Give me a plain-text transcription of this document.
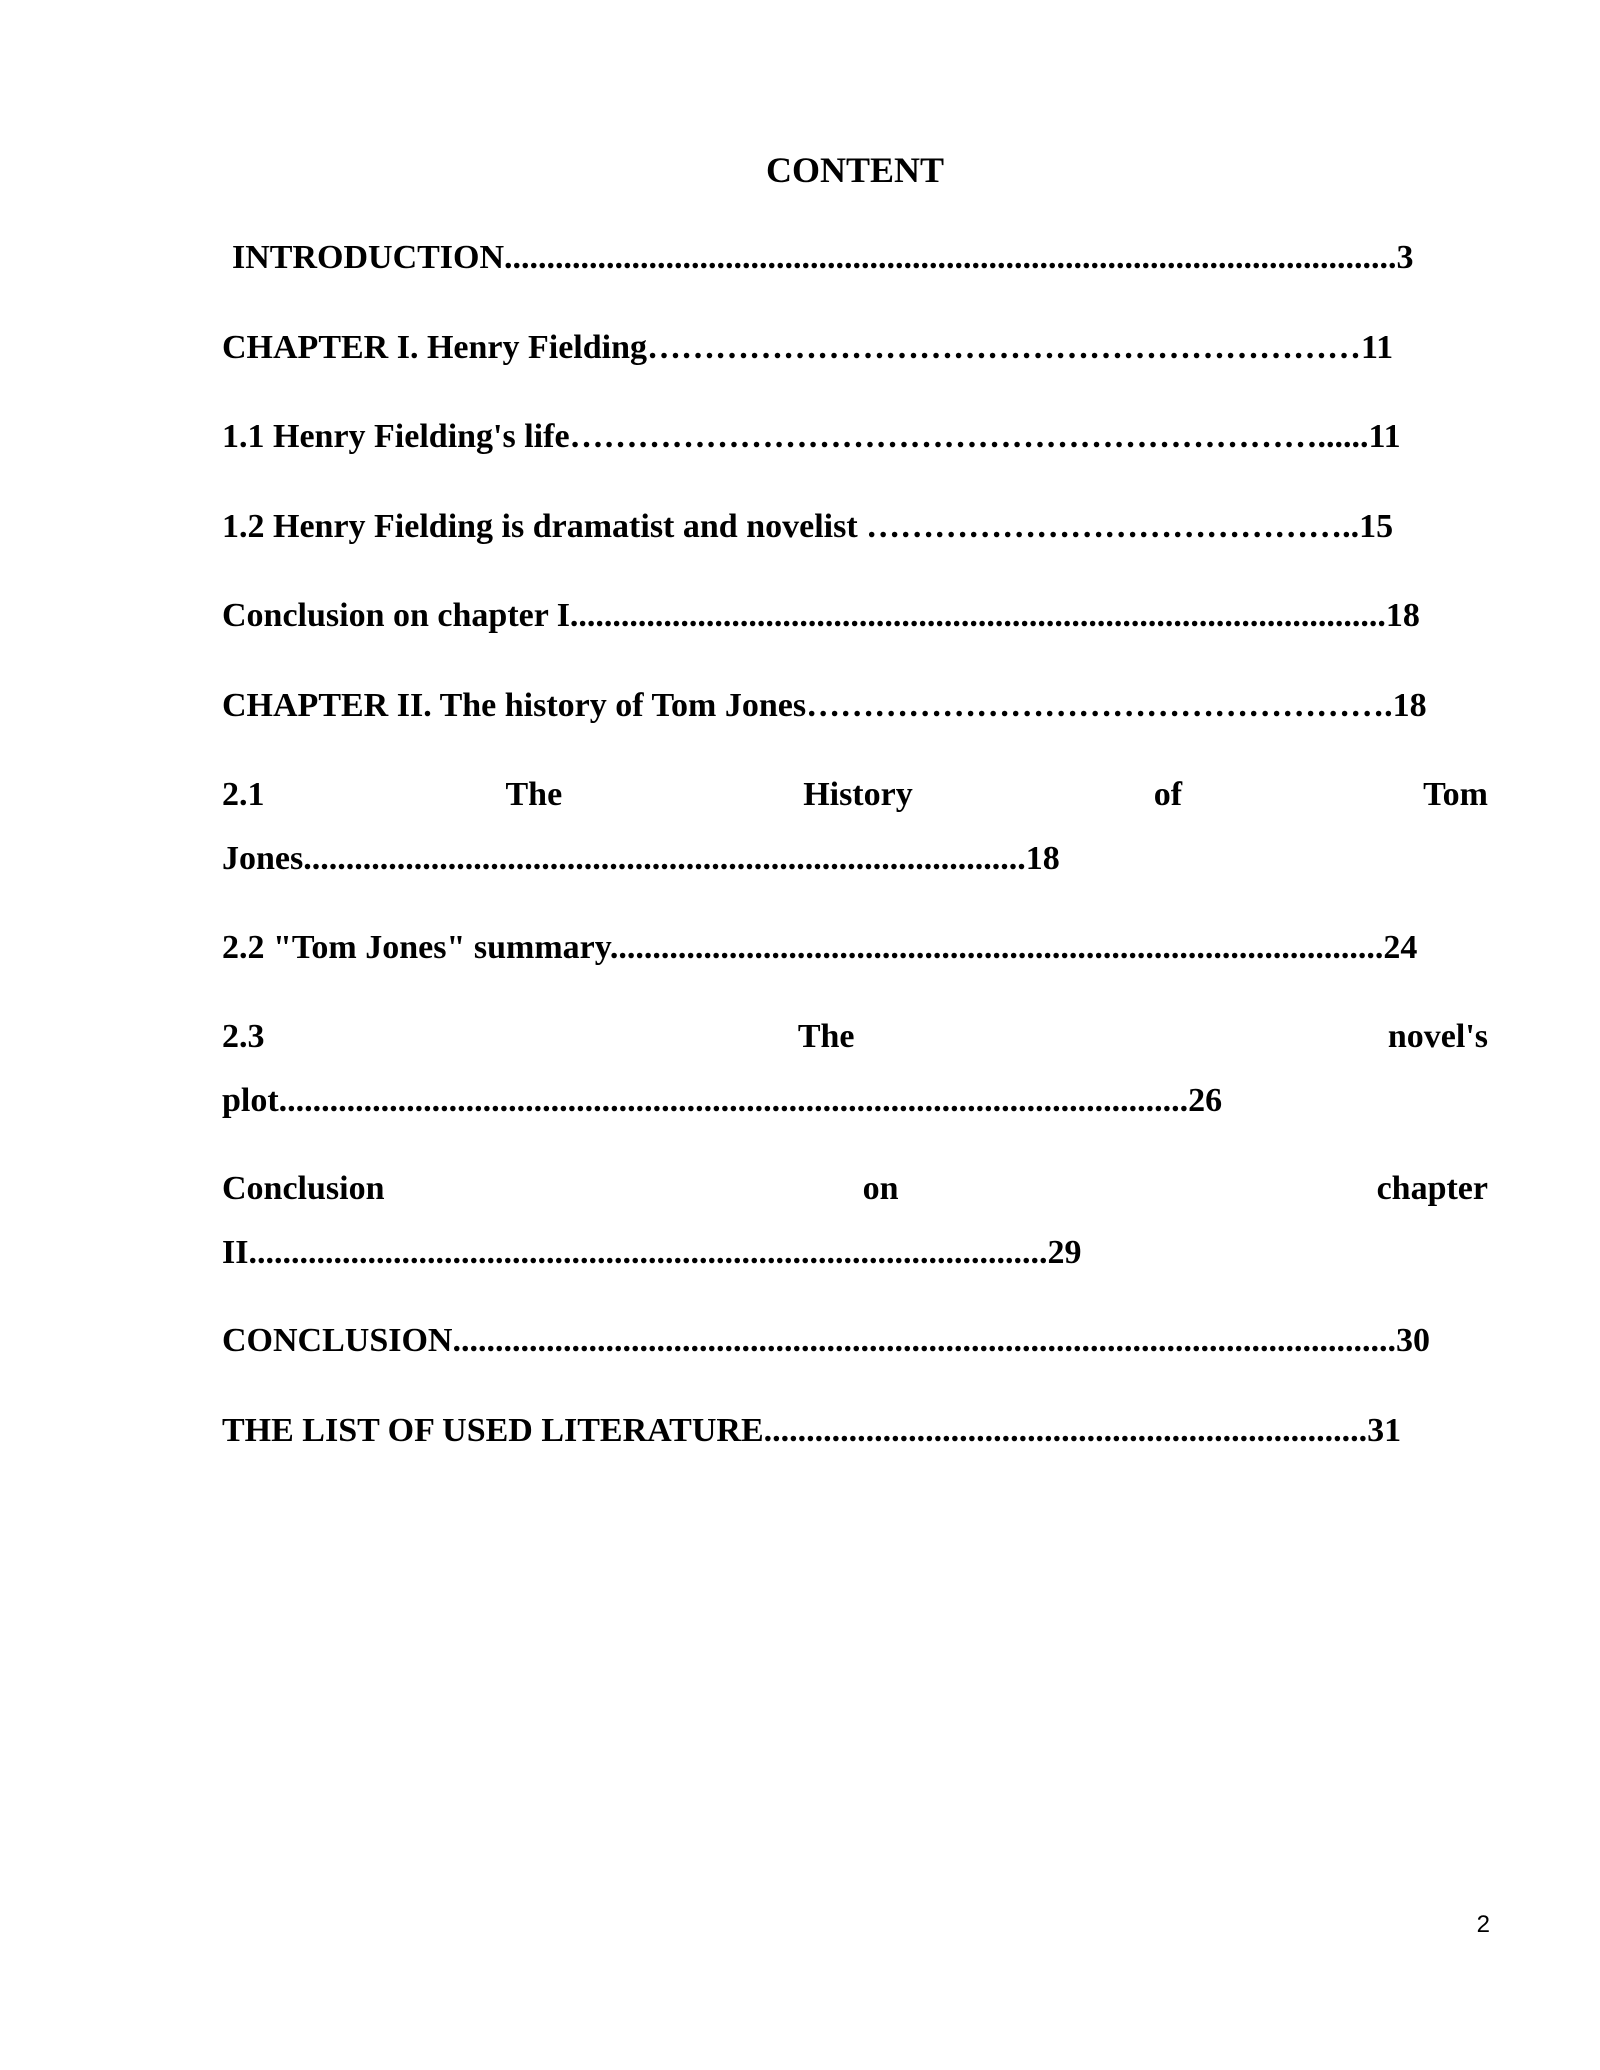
CONTENT
INTRODUCTION.........................................................................................................3
CHAPTER I. Henry Fielding………………………………………………………11
1.1 Henry Fielding's life…………………………………………………………......11
1.2 Henry Fielding is dramatist and novelist ……………………………………..15
Conclusion on chapter I................................................................................................18
CHAPTER II. The history of Tom Jones…………………………………………….18
2.1	The	History	of	Tom
Jones.....................................................................................18
2.2 "Tom Jones" summary...........................................................................................24
2.3	The	novel's
plot...........................................................................................................26
Conclusion	on	chapter
II..............................................................................................29
CONCLUSION...............................................................................................................30
THE LIST OF USED LITERATURE.......................................................................31
2
